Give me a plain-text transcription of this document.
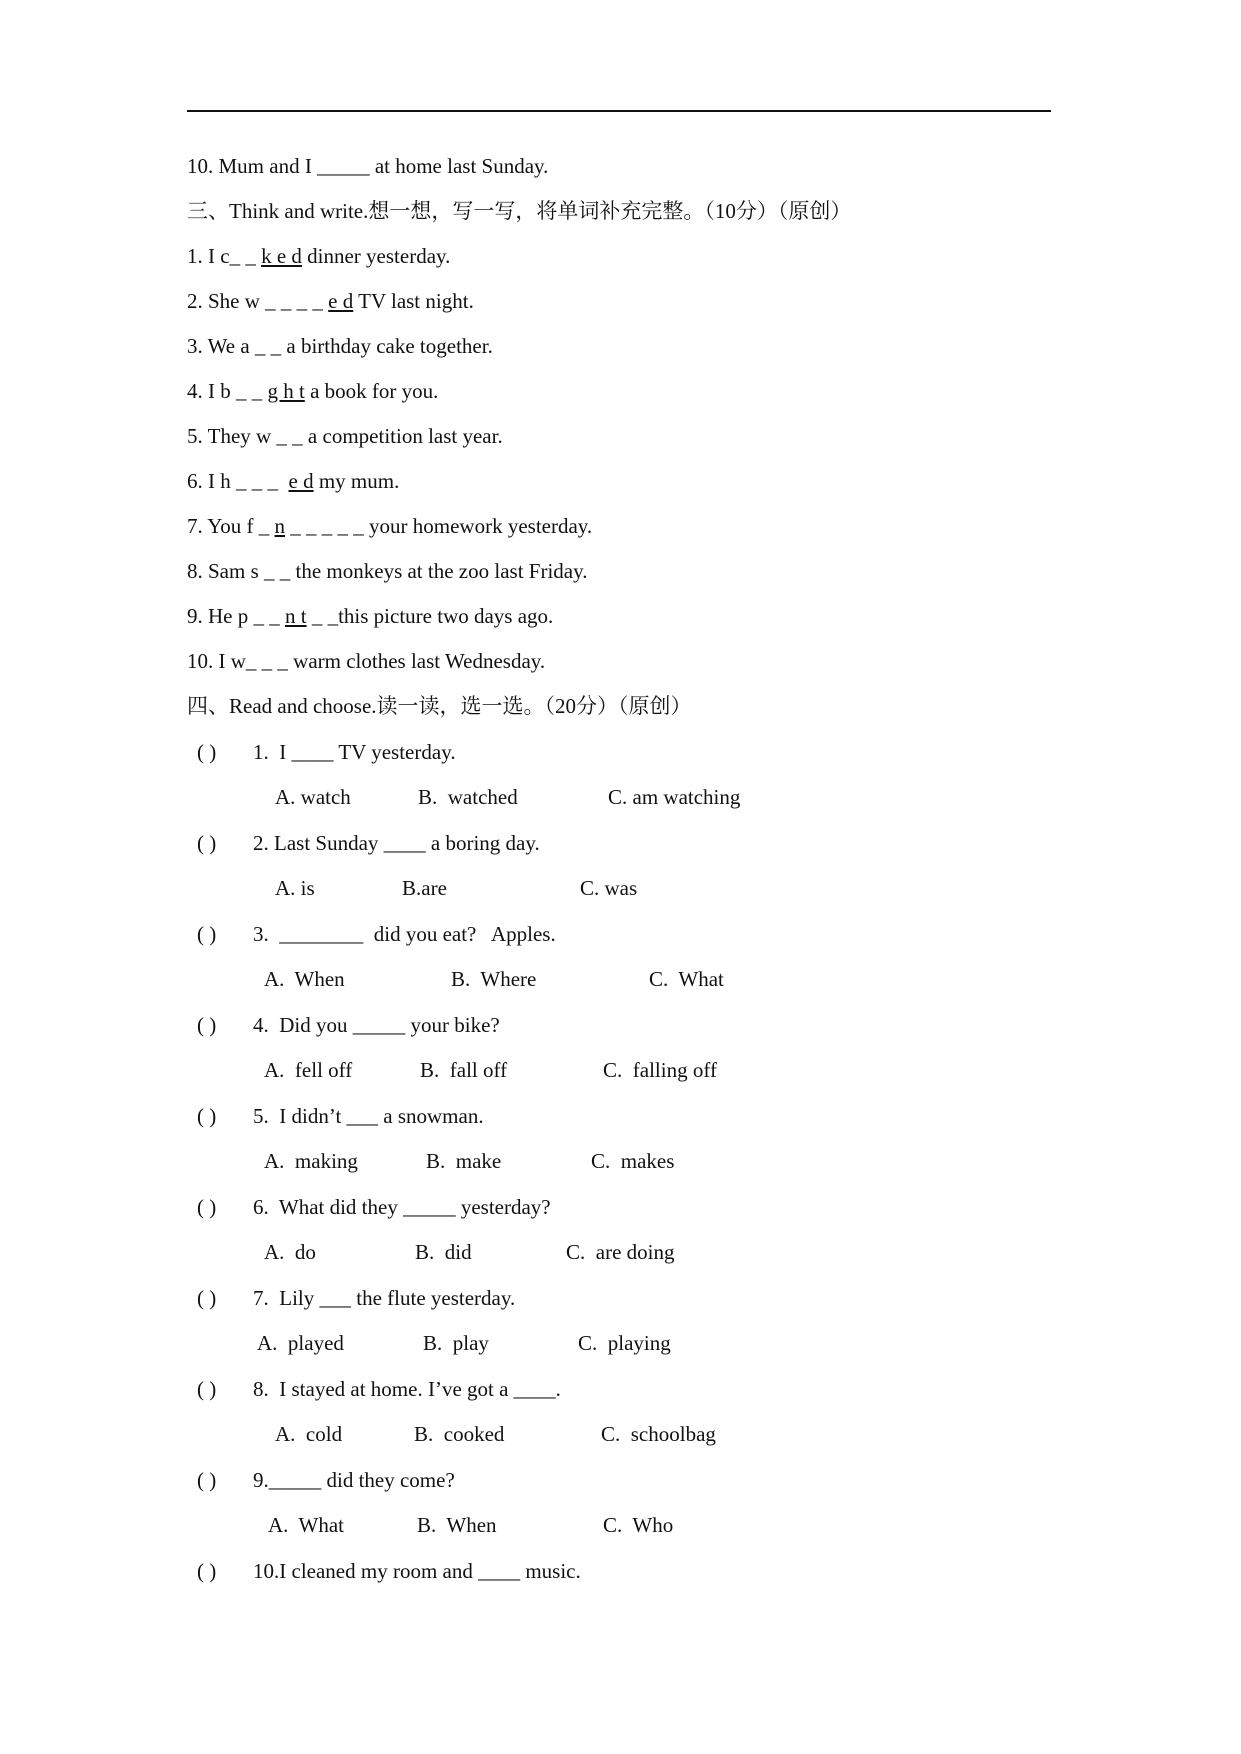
10. Mum and I _____ at home last Sunday.
三、Think and write.想一想，写一写，将单词补充完整。（10分）（原创）
1. I c_ _ k e d dinner yesterday.
2. She w _ _ _ _ e d TV last night.
3. We a _ _ a birthday cake together.
4. I b _ _ g h t a book for you.
5. They w _ _ a competition last year.
6. I h _ _ _  e d my mum.
7. You f _ n _ _ _ _ _ your homework yesterday.
8. Sam s _ _ the monkeys at the zoo last Friday.
9. He p _ _ n t _ _this picture two days ago.
10. I w_ _ _ warm clothes last Wednesday.
四、Read and choose.读一读，选一选。（20分）（原创）
( ) 1.  I ____ TV yesterday.
A. watch	B.  watched	C. am watching
( ) 2. Last Sunday ____ a boring day.
A. is	B.are	C. was
( ) 3.  ________  did you eat?   Apples.
A.  When	B.  Where	C.  What
( ) 4.  Did you _____ your bike?
A.  fell off	B.  fall off	C.  falling off
( ) 5.  I didn’t ___ a snowman.
A.  making	B.  make	C.  makes
( ) 6.  What did they _____ yesterday?
A.  do	B.  did	C.  are doing
( ) 7.  Lily ___ the flute yesterday.
A.  played	B.  play	C.  playing
( ) 8.  I stayed at home. I’ve got a ____.
A.  cold	B.  cooked	C.  schoolbag
( ) 9._____ did they come?
A.  What	B.  When	C.  Who
( ) 10.I cleaned my room and ____ music.
